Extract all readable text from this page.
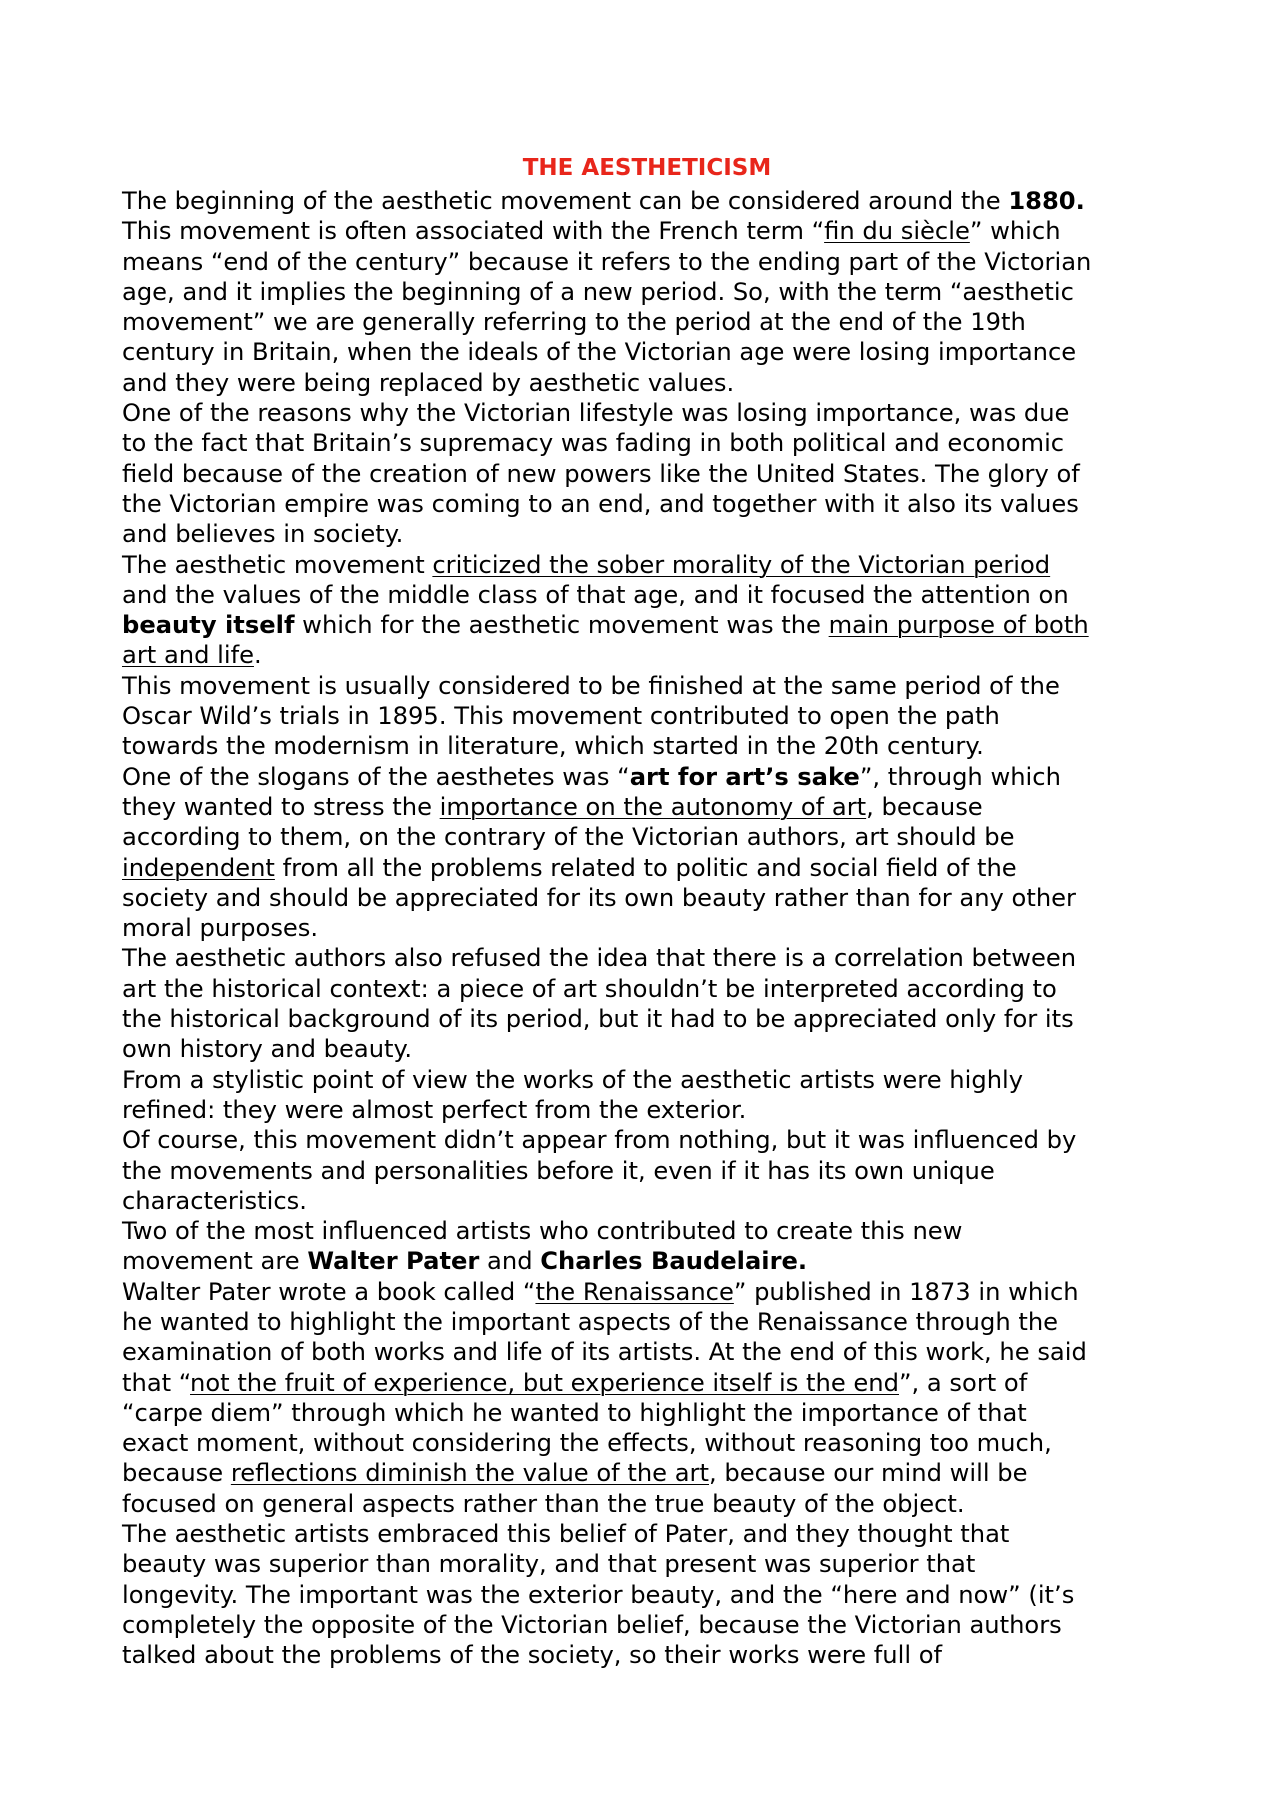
THE AESTHETICISM

The beginning of the aesthetic movement can be considered around the 1880.
This movement is often associated with the French term “fin du siècle” which
means “end of the century” because it refers to the ending part of the Victorian
age, and it implies the beginning of a new period. So, with the term “aesthetic
movement” we are generally referring to the period at the end of the 19th
century in Britain, when the ideals of the Victorian age were losing importance
and they were being replaced by aesthetic values.

One of the reasons why the Victorian lifestyle was losing importance, was due
to the fact that Britain’s supremacy was fading in both political and economic
field because of the creation of new powers like the United States. The glory of
the Victorian empire was coming to an end, and together with it also its values
and believes in society.

The aesthetic movement criticized the sober morality of the Victorian period
and the values of the middle class of that age, and it focused the attention on
beauty itself which for the aesthetic movement was the main purpose of both
art and life.

This movement is usually considered to be finished at the same period of the
Oscar Wild’s trials in 1895. This movement contributed to open the path
towards the modernism in literature, which started in the 20th century.

One of the slogans of the aesthetes was “art for art’s sake”, through which
they wanted to stress the importance on the autonomy of art, because
according to them, on the contrary of the Victorian authors, art should be
independent from all the problems related to politic and social field of the
society and should be appreciated for its own beauty rather than for any other
moral purposes.

The aesthetic authors also refused the idea that there is a correlation between
art the historical context: a piece of art shouldn’t be interpreted according to
the historical background of its period, but it had to be appreciated only for its
own history and beauty.

From a stylistic point of view the works of the aesthetic artists were highly
refined: they were almost perfect from the exterior.

Of course, this movement didn’t appear from nothing, but it was influenced by
the movements and personalities before it, even if it has its own unique
characteristics.

Two of the most influenced artists who contributed to create this new
movement are Walter Pater and Charles Baudelaire.

Walter Pater wrote a book called “the Renaissance” published in 1873 in which
he wanted to highlight the important aspects of the Renaissance through the
examination of both works and life of its artists. At the end of this work, he said
that “not the fruit of experience, but experience itself is the end”, a sort of
“carpe diem” through which he wanted to highlight the importance of that
exact moment, without considering the effects, without reasoning too much,
because reflections diminish the value of the art, because our mind will be
focused on general aspects rather than the true beauty of the object.

The aesthetic artists embraced this belief of Pater, and they thought that
beauty was superior than morality, and that present was superior that
longevity. The important was the exterior beauty, and the “here and now” (it’s
completely the opposite of the Victorian belief, because the Victorian authors
talked about the problems of the society, so their works were full of
